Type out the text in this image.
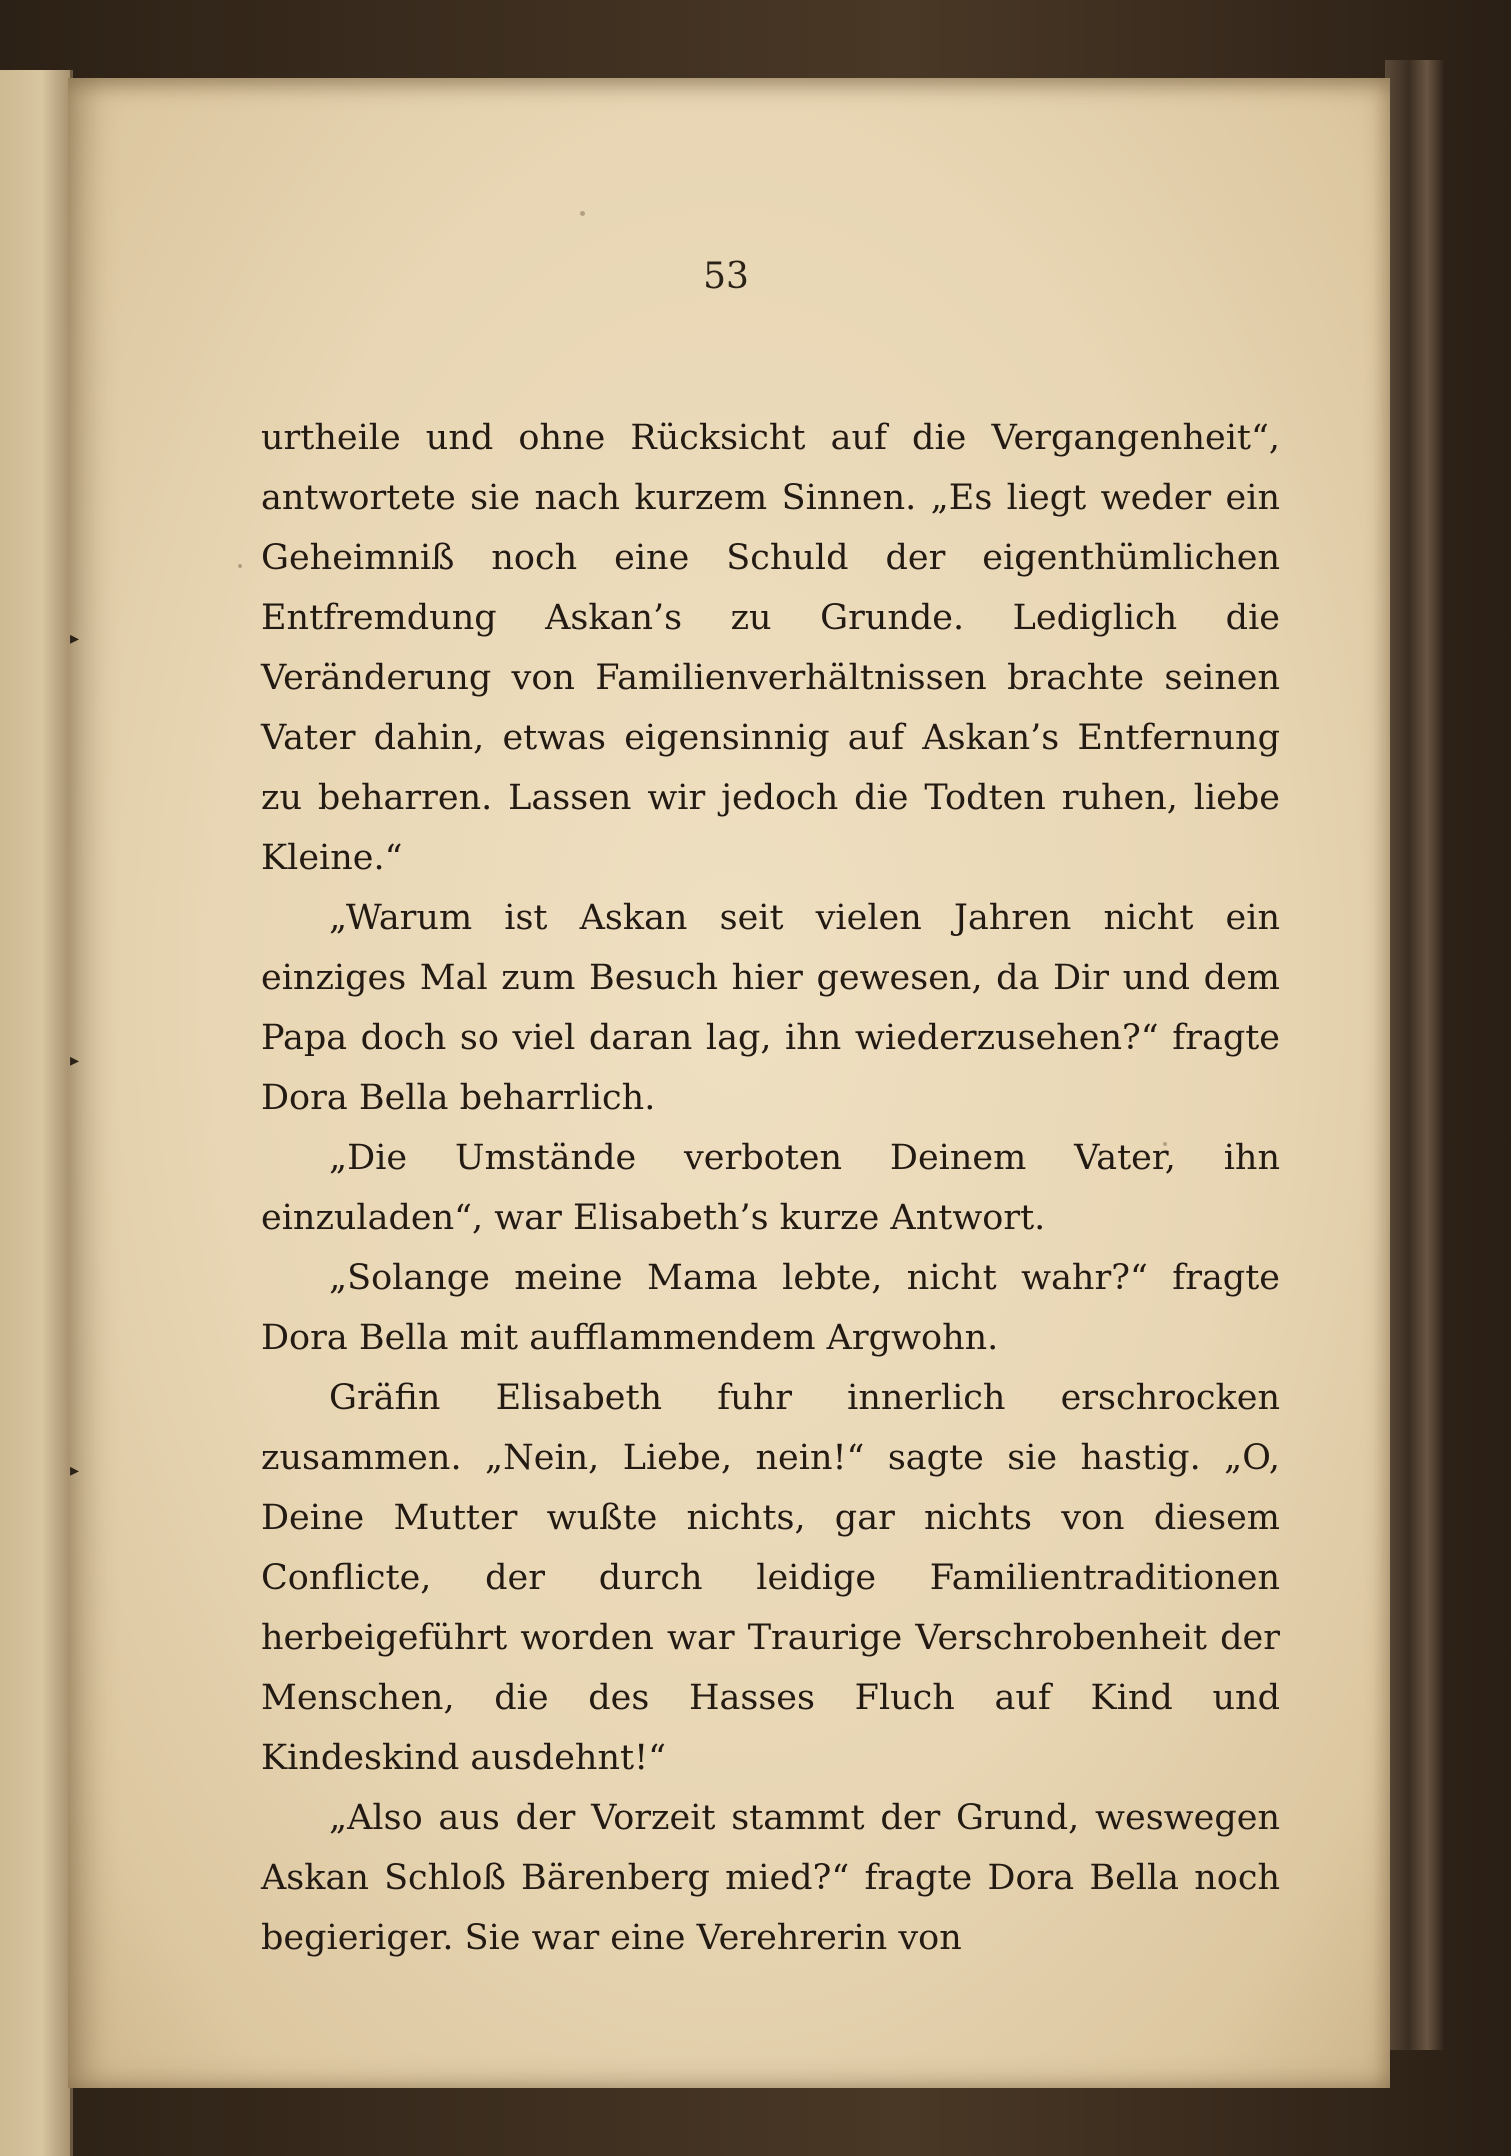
53

urtheile und ohne Rücksicht auf die Vergangenheit“, antwortete sie nach kurzem Sinnen. „Es liegt weder ein Geheimniß noch eine Schuld der eigenthümlichen Entfremdung Askan’s zu Grunde. Lediglich die Veränderung von Familienverhältnissen brachte seinen Vater dahin, etwas eigensinnig auf Askan’s Entfernung zu beharren. Lassen wir jedoch die Todten ruhen, liebe Kleine.“

„Warum ist Askan seit vielen Jahren nicht ein einziges Mal zum Besuch hier gewesen, da Dir und dem Papa doch so viel daran lag, ihn wiederzusehen?“ fragte Dora Bella beharrlich.

„Die Umstände verboten Deinem Vater, ihn einzuladen“, war Elisabeth’s kurze Antwort.

„Solange meine Mama lebte, nicht wahr?“ fragte Dora Bella mit aufflammendem Argwohn.

Gräfin Elisabeth fuhr innerlich erschrocken zusammen. „Nein, Liebe, nein!“ sagte sie hastig. „O, Deine Mutter wußte nichts, gar nichts von diesem Conflicte, der durch leidige Familientraditionen herbeigeführt worden war Traurige Verschrobenheit der Menschen, die des Hasses Fluch auf Kind und Kindeskind ausdehnt!“

„Also aus der Vorzeit stammt der Grund, weswegen Askan Schloß Bärenberg mied?“ fragte Dora Bella noch begieriger. Sie war eine Verehrerin von

▸
▸
▸
